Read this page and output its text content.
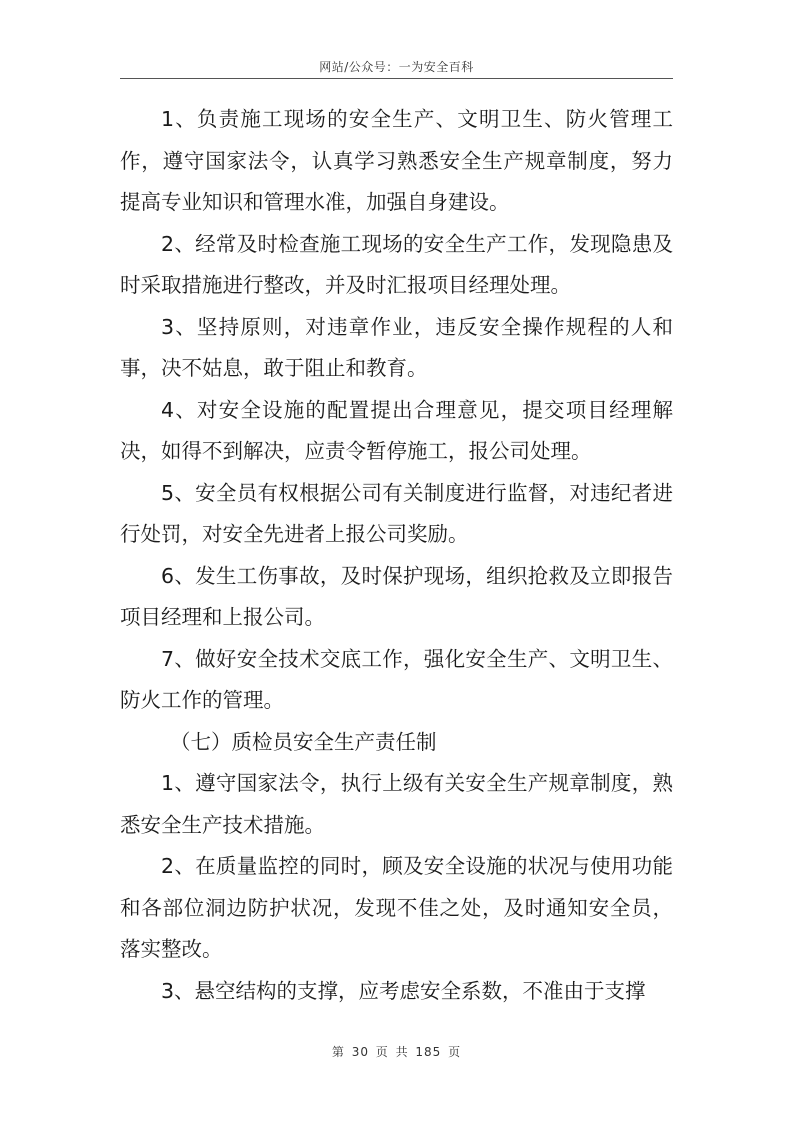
网站/公众号：一为安全百科

1、负责施工现场的安全生产、文明卫生、防火管理工作，遵守国家法令，认真学习熟悉安全生产规章制度，努力提高专业知识和管理水准，加强自身建设。

2、经常及时检查施工现场的安全生产工作，发现隐患及时采取措施进行整改，并及时汇报项目经理处理。

3、坚持原则，对违章作业，违反安全操作规程的人和事，决不姑息，敢于阻止和教育。

4、对安全设施的配置提出合理意见，提交项目经理解决，如得不到解决，应责令暂停施工，报公司处理。

5、安全员有权根据公司有关制度进行监督，对违纪者进行处罚，对安全先进者上报公司奖励。

6、发生工伤事故，及时保护现场，组织抢救及立即报告项目经理和上报公司。

7、做好安全技术交底工作，强化安全生产、文明卫生、防火工作的管理。

（七）质检员安全生产责任制

1、遵守国家法令，执行上级有关安全生产规章制度，熟悉安全生产技术措施。

2、在质量监控的同时，顾及安全设施的状况与使用功能和各部位洞边防护状况，发现不佳之处，及时通知安全员，落实整改。

3、悬空结构的支撑，应考虑安全系数，不准由于支撑

第 30 页 共 185 页
